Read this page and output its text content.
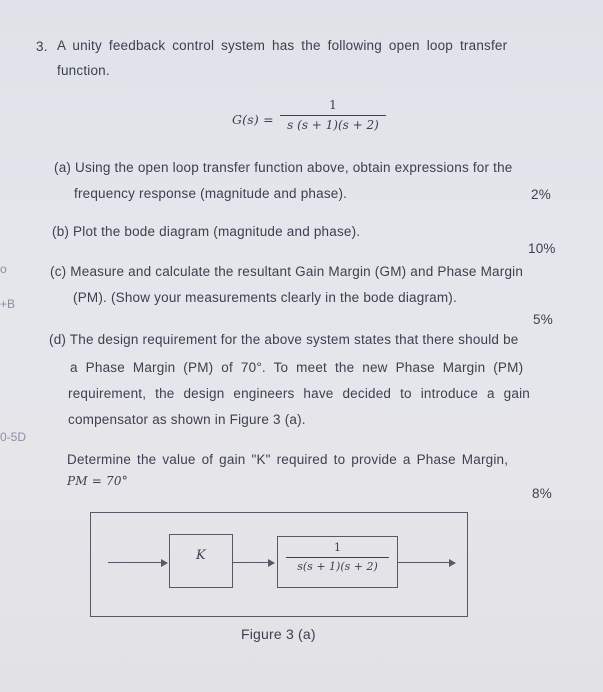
o
+B
0-5D
3. A unity feedback control system has the following open loop transfer
function.
G(s) =
1
s (s + 1)(s + 2)
(a) Using the open loop transfer function above, obtain expressions for the
frequency response (magnitude and phase).	2%
(b) Plot the bode diagram (magnitude and phase).
10%
(c) Measure and calculate the resultant Gain Margin (GM) and Phase Margin
(PM). (Show your measurements clearly in the bode diagram).
5%
(d) The design requirement for the above system states that there should be
a Phase Margin (PM) of 70°. To meet the new Phase Margin (PM)
requirement, the design engineers have decided to introduce a gain
compensator as shown in Figure 3 (a).
Determine the value of gain "K" required to provide a Phase Margin,
PM = 70°
8%
K
1
s(s + 1)(s + 2)
Figure 3 (a)
